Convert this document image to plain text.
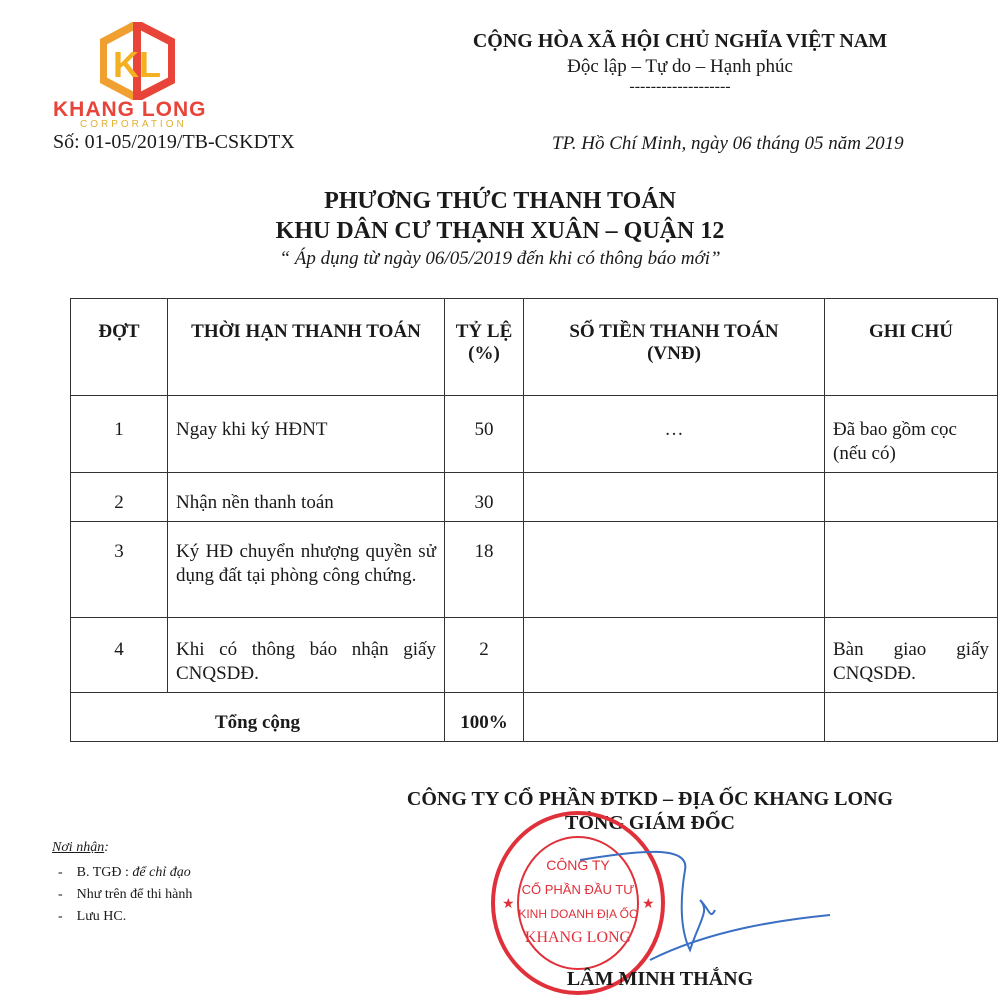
KL
KHANG LONG
CORPORATION
Số: 01-05/2019/TB-CSKDTX
CỘNG HÒA XÃ HỘI CHỦ NGHĨA VIỆT NAM
Độc lập – Tự do – Hạnh phúc
-------------------
TP. Hồ Chí Minh, ngày 06 tháng 05 năm 2019
PHƯƠNG THỨC THANH TOÁN
KHU DÂN CƯ THẠNH XUÂN – QUẬN 12
“ Áp dụng từ ngày 06/05/2019 đến khi có thông báo mới”
ĐỢT	THỜI HẠN THANH TOÁN	TỶ LỆ (%)	SỐ TIỀN THANH TOÁN (VNĐ)	GHI CHÚ
1	Ngay khi ký HĐNT	50	…	Đã bao gồm cọc (nếu có)
2	Nhận nền thanh toán	30		
3	Ký HĐ chuyển nhượng quyền sử dụng đất tại phòng công chứng.	18		
4	Khi có thông báo nhận giấy CNQSDĐ.	2		Bàn giao giấy CNQSDĐ.
Tổng cộng		100%		
CÔNG TY CỔ PHẦN ĐTKD – ĐỊA ỐC KHANG LONG
TỔNG GIÁM ĐỐC
CÔNG TY
CỔ PHẦN ĐẦU TƯ
KINH DOANH ĐỊA ỐC
KHANG LONG
★	★
LÂM MINH THẮNG
Nơi nhận:
-    B. TGĐ : để chỉ đạo
-    Như trên để thi hành
-    Lưu HC.
